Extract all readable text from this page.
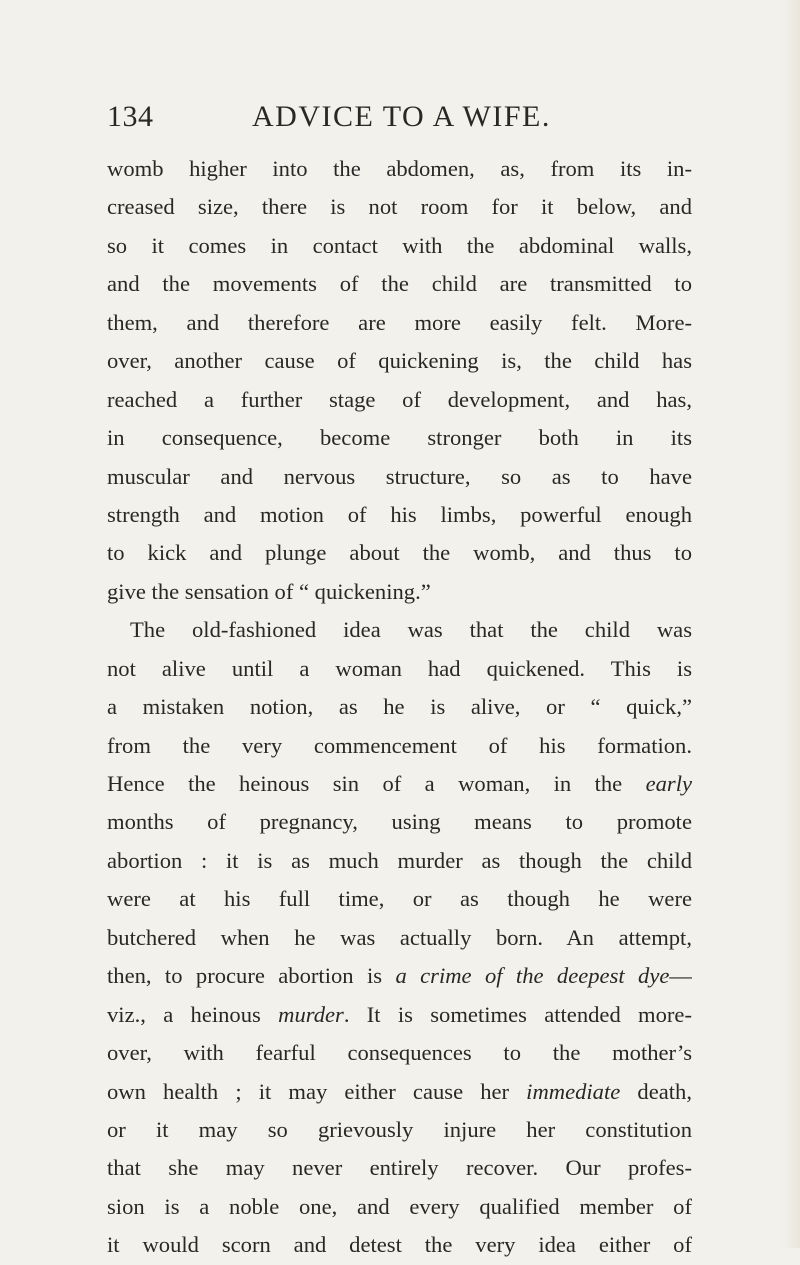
134	ADVICE TO A WIFE.
womb higher into the abdomen, as, from its in-
creased size, there is not room for it below, and
so it comes in contact with the abdominal walls,
and the movements of the child are transmitted to
them, and therefore are more easily felt. More-
over, another cause of quickening is, the child has
reached a further stage of development, and has,
in consequence, become stronger both in its
muscular and nervous structure, so as to have
strength and motion of his limbs, powerful enough
to kick and plunge about the womb, and thus to
give the sensation of “ quickening.”
The old-fashioned idea was that the child was
not alive until a woman had quickened. This is
a mistaken notion, as he is alive, or “ quick,”
from the very commencement of his formation.
Hence the heinous sin of a woman, in the early
months of pregnancy, using means to promote
abortion : it is as much murder as though the child
were at his full time, or as though he were
butchered when he was actually born. An attempt,
then, to procure abortion is a crime of the deepest dye—
viz., a heinous murder. It is sometimes attended more-
over, with fearful consequences to the mother’s
own health ; it may either cause her immediate death,
or it may so grievously injure her constitution
that she may never entirely recover. Our profes-
sion is a noble one, and every qualified member of
it would scorn and detest the very idea either of
